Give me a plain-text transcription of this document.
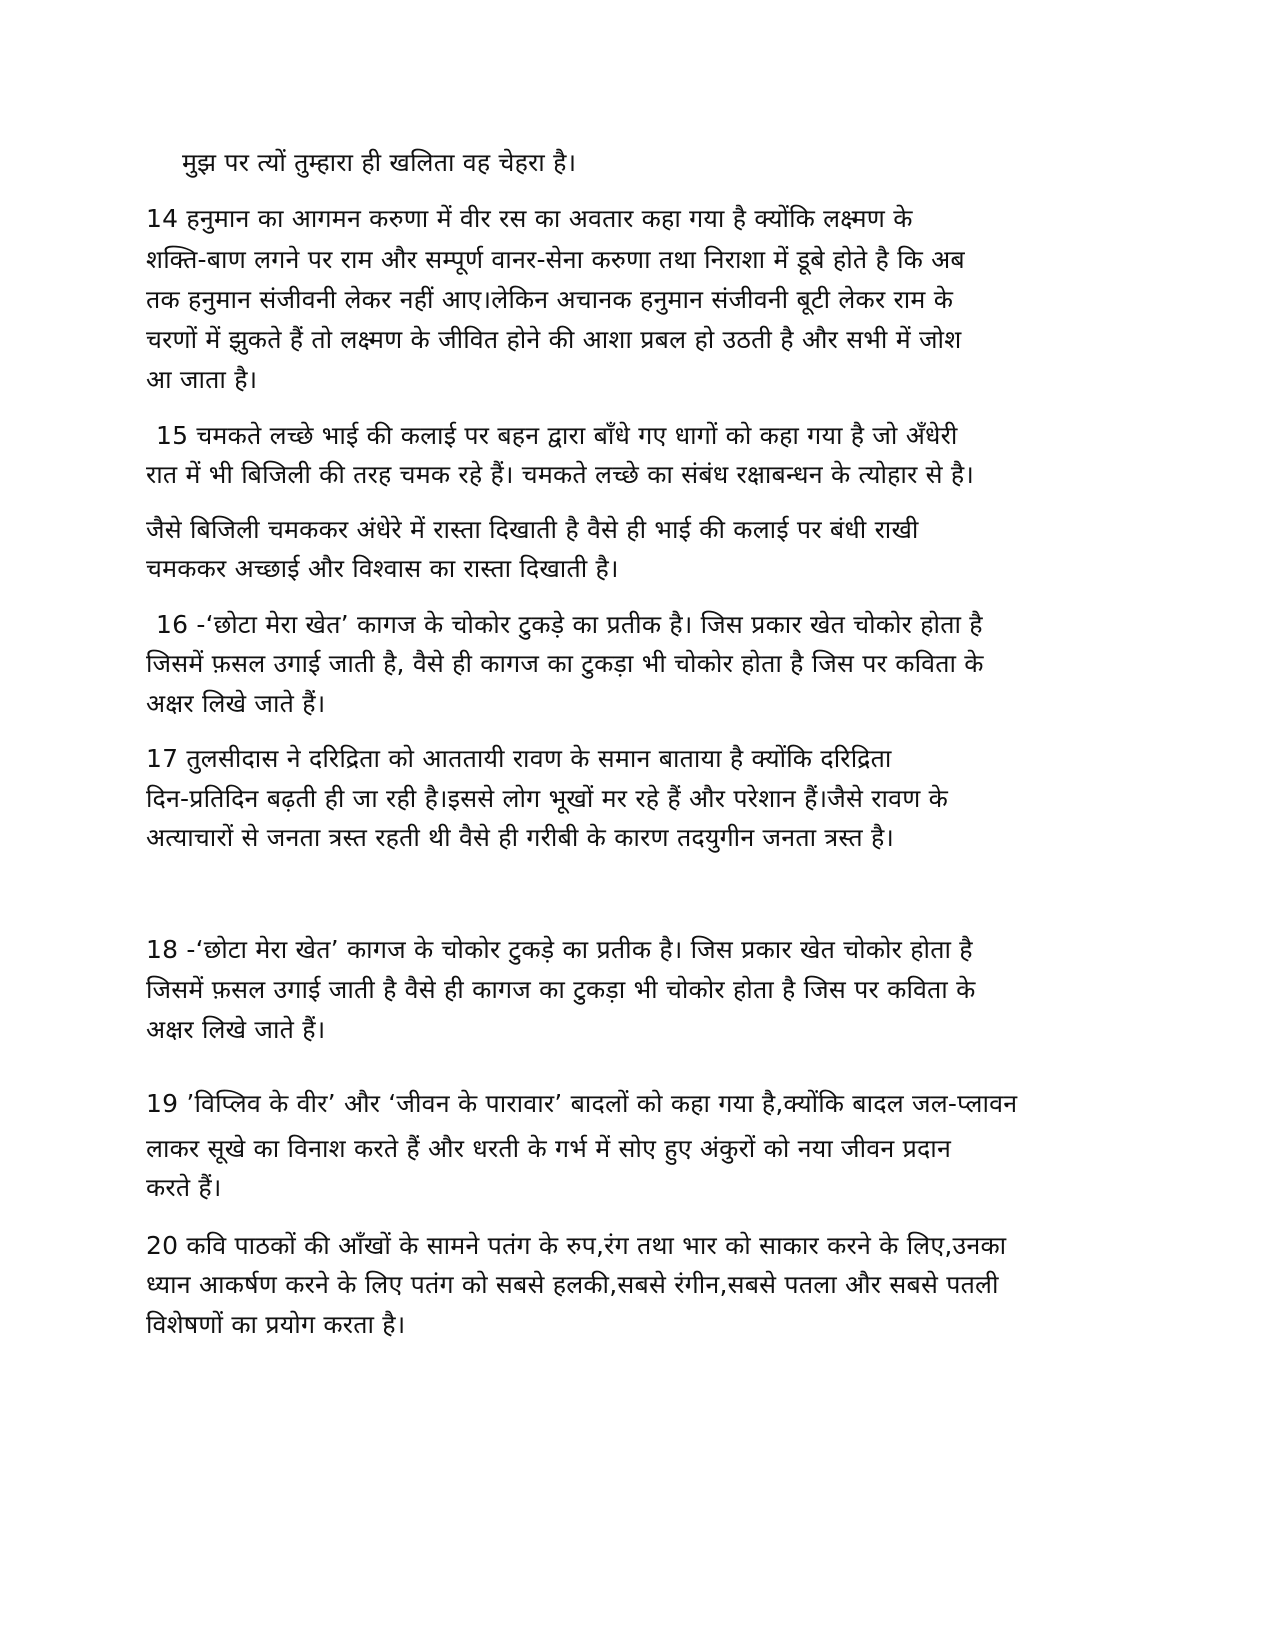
मुझ पर त्यों तुम्हारा ही खलिता वह चेहरा है।
14 हनुमान का आगमन करुणा में वीर रस का अवतार कहा गया है क्योंकि लक्ष्मण के
शक्ति-बाण लगने पर राम और सम्पूर्ण वानर-सेना करुणा तथा निराशा में डूबे होते है कि अब
तक हनुमान संजीवनी लेकर नहीं आए।लेकिन अचानक हनुमान संजीवनी बूटी लेकर राम के
चरणों में झुकते हैं तो लक्ष्मण के जीवित होने की आशा प्रबल हो उठती है और सभी में जोश
आ जाता है।
15 चमकते लच्छे भाई की कलाई पर बहन द्वारा बाँधे गए धागों को कहा गया है जो अँधेरी
रात में भी बिजिली की तरह चमक रहे हैं। चमकते लच्छे का संबंध रक्षाबन्धन के त्योहार से है।
जैसे बिजिली चमककर अंधेरे में रास्ता दिखाती है वैसे ही भाई की कलाई पर बंधी राखी
चमककर अच्छाई और विश्वास का रास्ता दिखाती है।
16 -‘छोटा मेरा खेत’ कागज के चोकोर टुकड़े का प्रतीक है। जिस प्रकार खेत चोकोर होता है
जिसमें फ़सल उगाई जाती है, वैसे ही कागज का टुकड़ा भी चोकोर होता है जिस पर कविता के
अक्षर लिखे जाते हैं।
17 तुलसीदास ने दरिद्रिता को आततायी रावण के समान बाताया है क्योंकि दरिद्रिता
दिन-प्रतिदिन बढ़ती ही जा रही है।इससे लोग भूखों मर रहे हैं और परेशान हैं।जैसे रावण के
अत्याचारों से जनता त्रस्त रहती थी वैसे ही गरीबी के कारण तदयुगीन जनता त्रस्त है।
18 -‘छोटा मेरा खेत’ कागज के चोकोर टुकड़े का प्रतीक है। जिस प्रकार खेत चोकोर होता है
जिसमें फ़सल उगाई जाती है वैसे ही कागज का टुकड़ा भी चोकोर होता है जिस पर कविता के
अक्षर लिखे जाते हैं।
19 ’विप्लिव के वीर’ और ‘जीवन के पारावार’ बादलों को कहा गया है,क्योंकि बादल जल-प्लावन
लाकर सूखे का विनाश करते हैं और धरती के गर्भ में सोए हुए अंकुरों को नया जीवन प्रदान
करते हैं।
20 कवि पाठकों की आँखों के सामने पतंग के रुप,रंग तथा भार को साकार करने के लिए,उनका
ध्यान आकर्षण करने के लिए पतंग को सबसे हलकी,सबसे रंगीन,सबसे पतला और सबसे पतली
विशेषणों का प्रयोग करता है।
